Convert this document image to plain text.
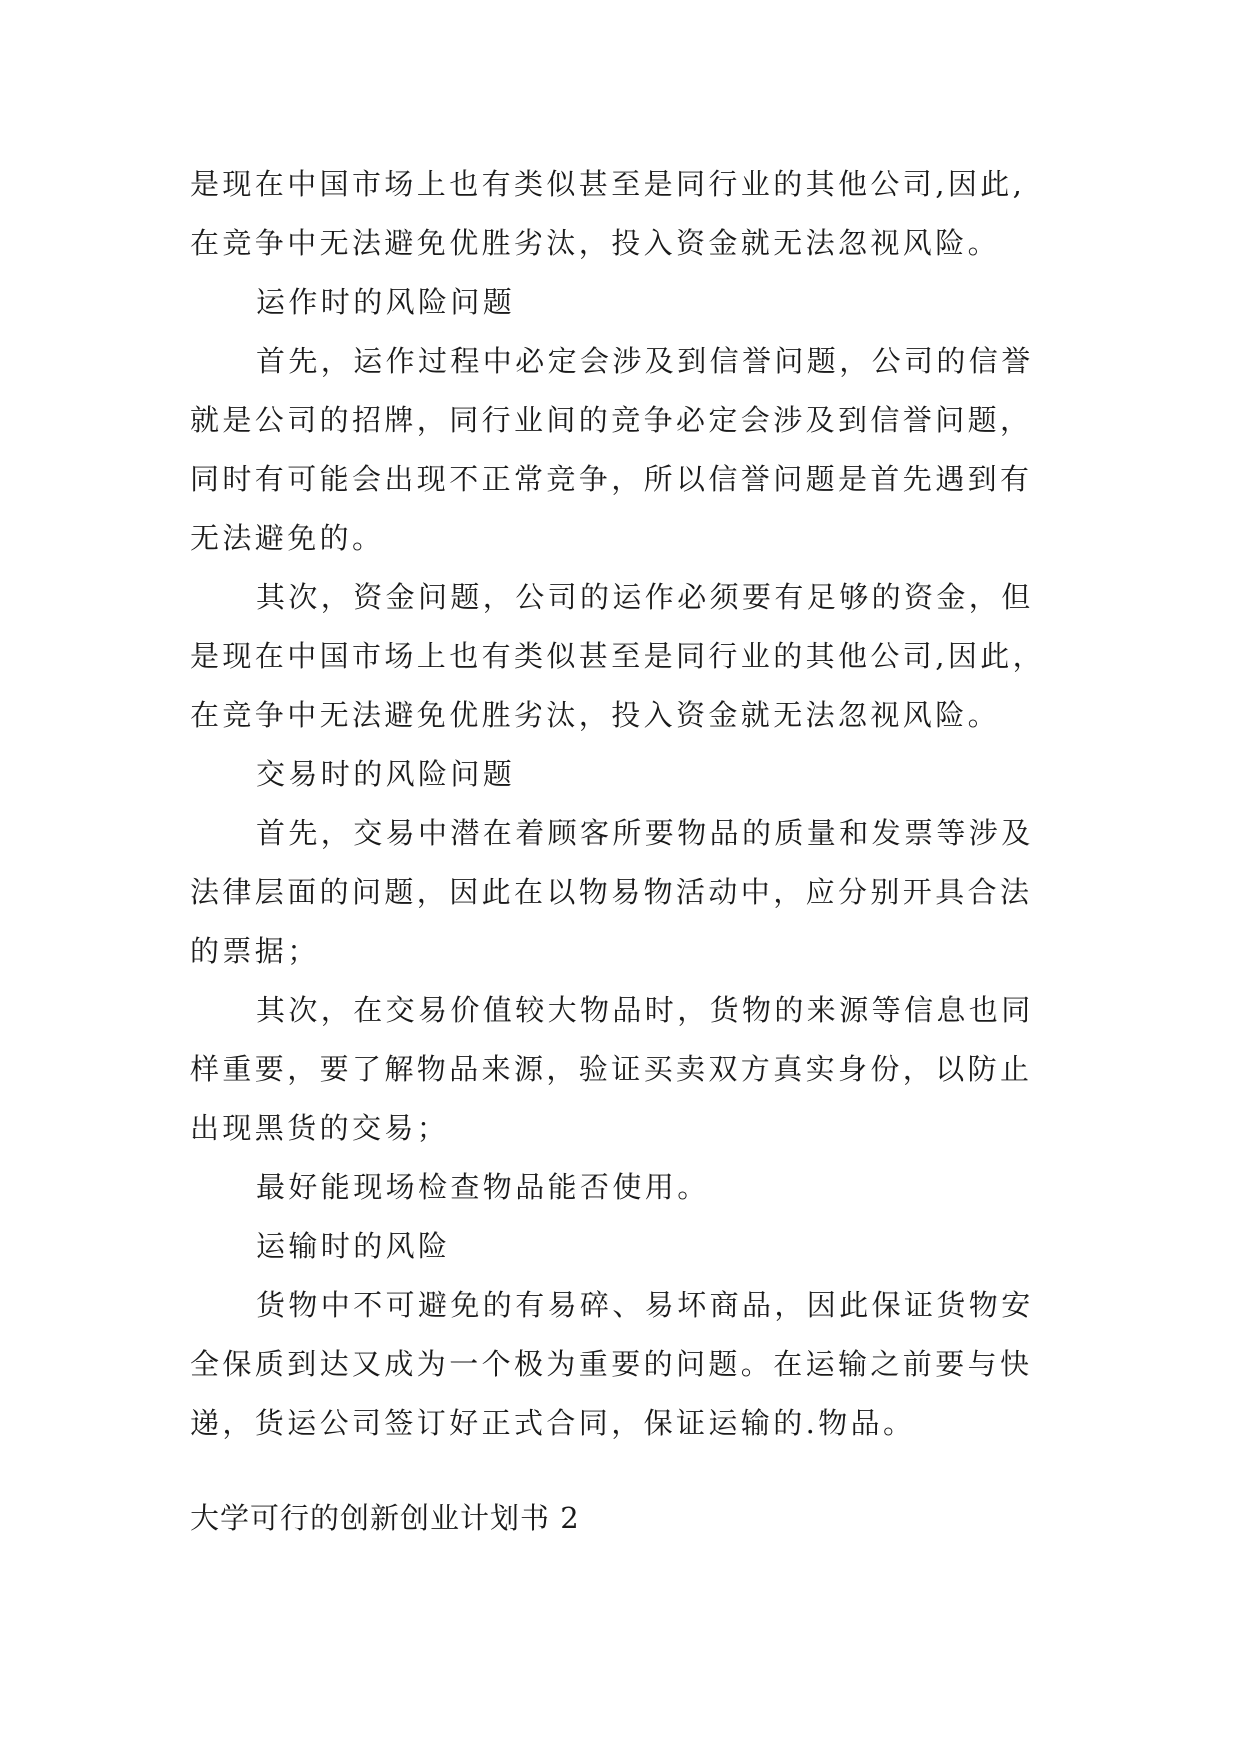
是现在中国市场上也有类似甚至是同行业的其他公司,因此,

在竞争中无法避免优胜劣汰，投入资金就无法忽视风险。

运作时的风险问题

首先，运作过程中必定会涉及到信誉问题，公司的信誉

就是公司的招牌，同行业间的竞争必定会涉及到信誉问题，

同时有可能会出现不正常竞争，所以信誉问题是首先遇到有

无法避免的。

其次，资金问题，公司的运作必须要有足够的资金，但

是现在中国市场上也有类似甚至是同行业的其他公司,因此，

在竞争中无法避免优胜劣汰，投入资金就无法忽视风险。

交易时的风险问题

首先，交易中潜在着顾客所要物品的质量和发票等涉及

法律层面的问题，因此在以物易物活动中，应分别开具合法

的票据；

其次，在交易价值较大物品时，货物的来源等信息也同

样重要，要了解物品来源，验证买卖双方真实身份，以防止

出现黑货的交易；

最好能现场检查物品能否使用。

运输时的风险

货物中不可避免的有易碎、易坏商品，因此保证货物安

全保质到达又成为一个极为重要的问题。在运输之前要与快

递，货运公司签订好正式合同，保证运输的.物品。

大学可行的创新创业计划书 2
